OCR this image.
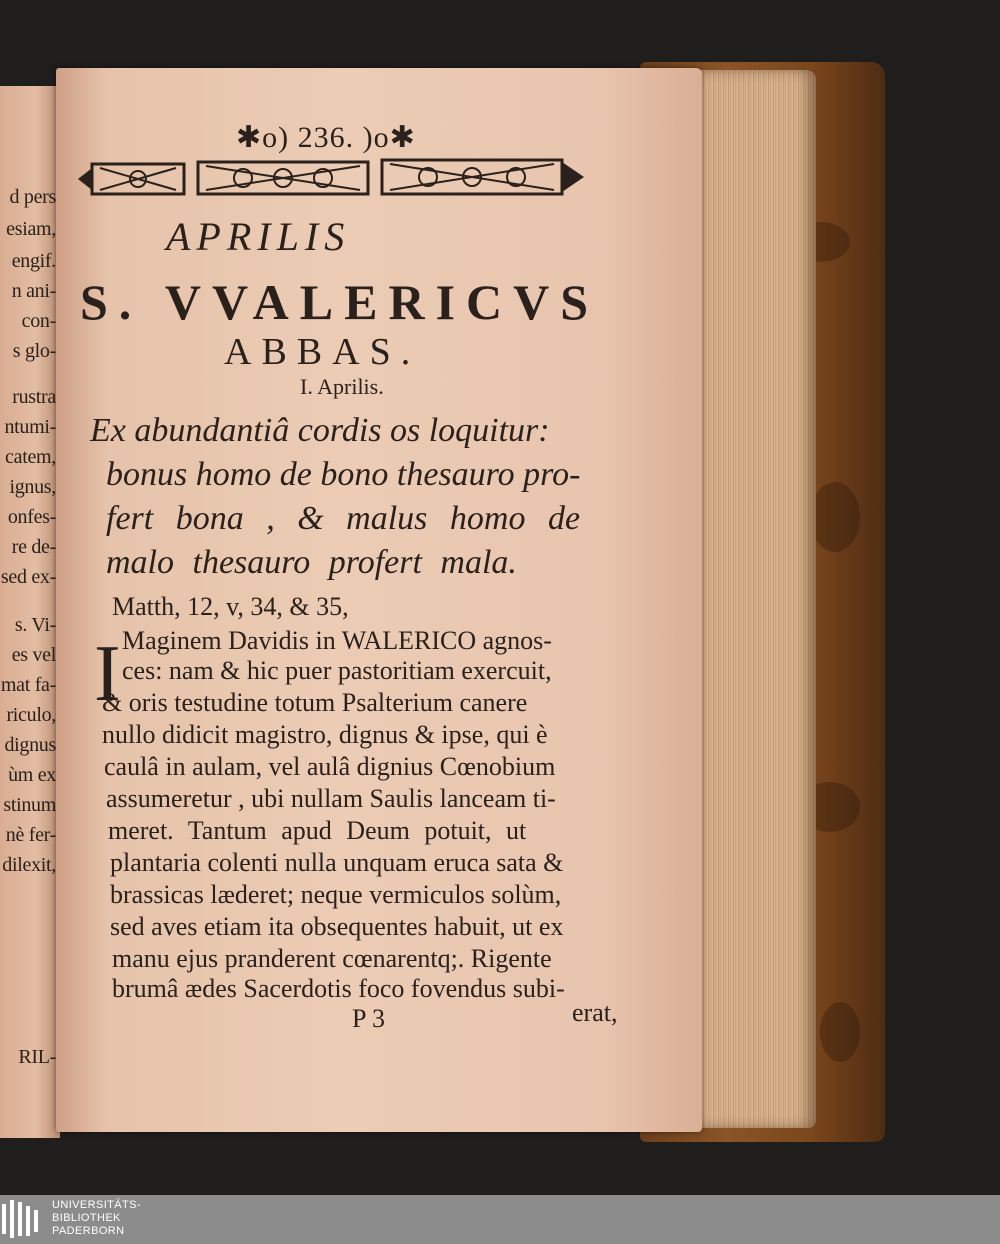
d pers
esiam,
engif.
n ani-
con-
s glo-
rustra
ntumi-
catem,
ignus,
onfes-
re de-
sed ex-
s. Vi-
es vel
mat fa-
riculo,
dignus
ùm ex
stinum
nè fer-
dilexit,
RIL-
✱o) 236. )o✱
APRILIS
S. VVALERICVS
ABBAS.
I. Aprilis.
Ex abundantiâ cordis os loquitur:
bonus homo de bono thesauro pro-
fert bona , & malus homo de
malo thesauro profert mala.
Matth, 12, v, 34, & 35,
I Maginem Davidis in WALERICO agnos-
ces: nam & hic puer pastoritiam exercuit,
& oris testudine totum Psalterium canere
nullo didicit magistro, dignus & ipse, qui è
caulâ in aulam, vel aulâ dignius Cœnobium
assumeretur , ubi nullam Saulis lanceam ti-
meret. Tantum apud Deum potuit, ut
plantaria colenti nulla unquam eruca sata &
brassicas læderet; neque vermiculos solùm,
sed aves etiam ita obsequentes habuit, ut ex
manu ejus pranderent cœnarentq;. Rigente
brumâ ædes Sacerdotis foco fovendus subi-
P 3	erat,
UNIVERSITÄTS-
BIBLIOTHEK
PADERBORN
